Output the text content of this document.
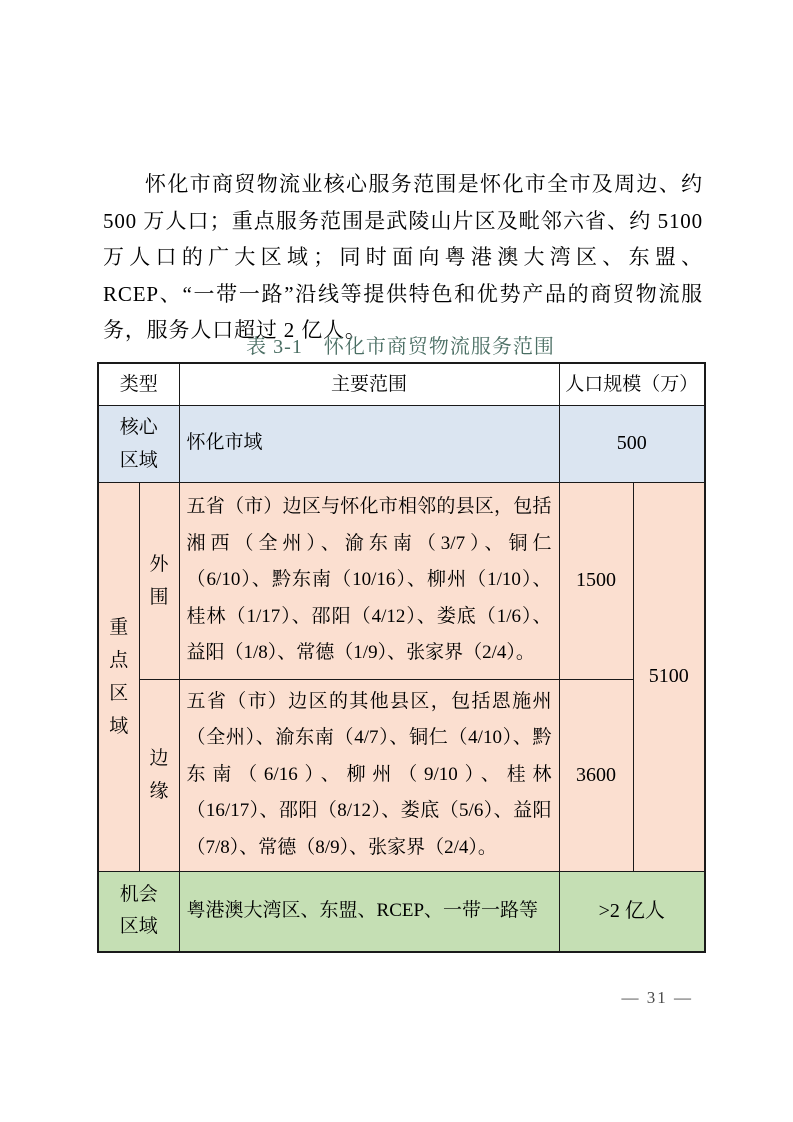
怀化市商贸物流业核心服务范围是怀化市全市及周边、约 500 万人口；重点服务范围是武陵山片区及毗邻六省、约 5100 万人口的广大区域；同时面向粤港澳大湾区、东盟、RCEP、“一带一路”沿线等提供特色和优势产品的商贸物流服务，服务人口超过 2 亿人。

表 3-1　怀化市商贸物流服务范围
类型		主要范围	人口规模（万）	
核心区域		怀化市域	500	
重点区域	外围	五省（市）边区与怀化市相邻的县区，包括湘西（全州）、渝东南（3/7）、铜仁（6/10）、黔东南（10/16）、柳州（1/10）、桂林（1/17）、邵阳（4/12）、娄底（1/6）、益阳（1/8）、常德（1/9）、张家界（2/4）。	1500	5100
	边缘	五省（市）边区的其他县区，包括恩施州（全州）、渝东南（4/7）、铜仁（4/10）、黔东南（6/16）、柳州（9/10）、桂林（16/17）、邵阳（8/12）、娄底（5/6）、益阳（7/8）、常德（8/9）、张家界（2/4）。	3600	
机会区域		粤港澳大湾区、东盟、RCEP、一带一路等	>2 亿人	
— 31 —
